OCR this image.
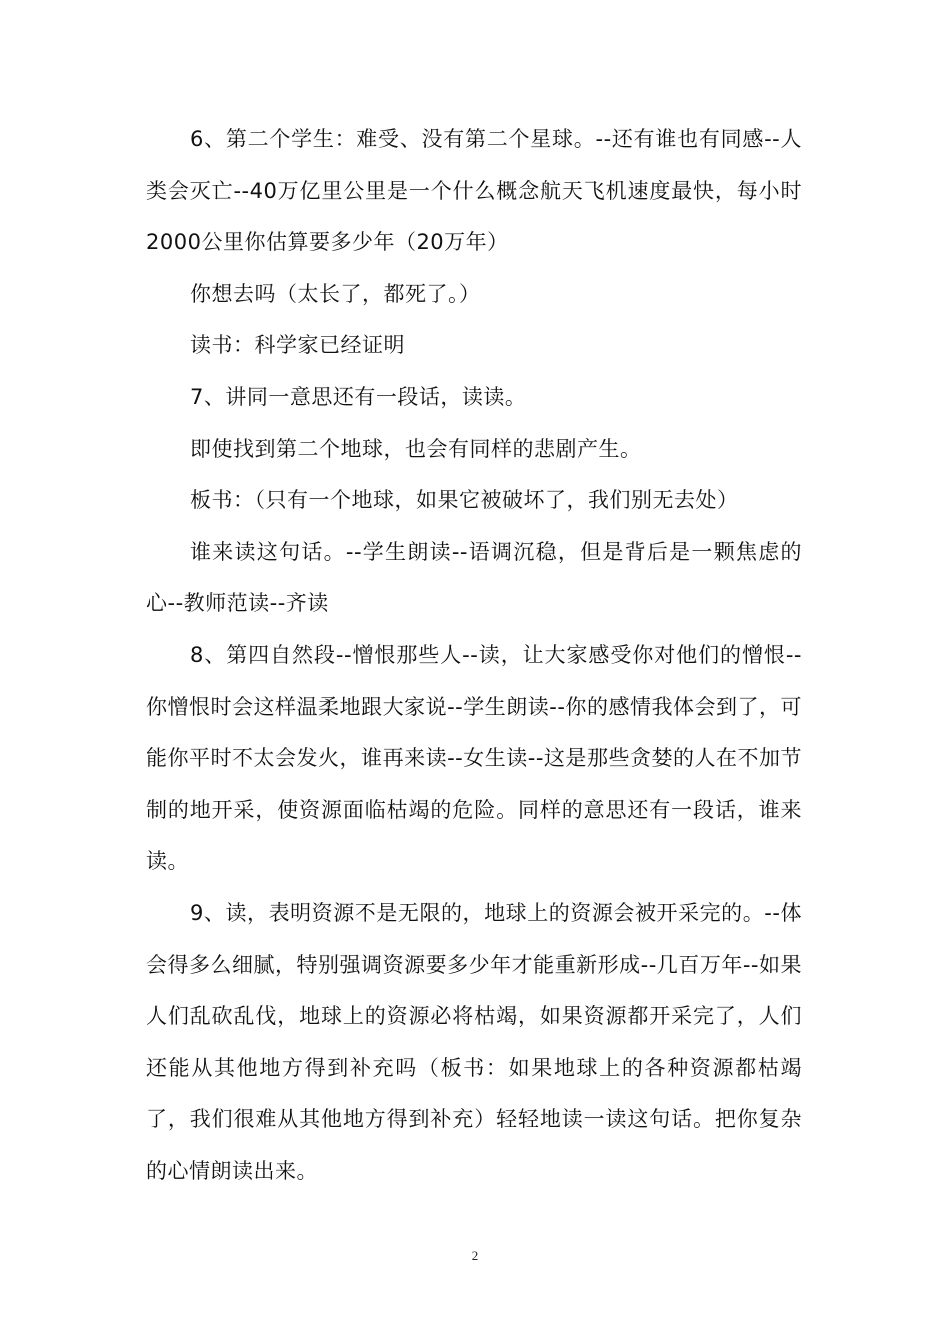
6、第二个学生：难受、没有第二个星球。--还有谁也有同感--人类会灭亡--40万亿里公里是一个什么概念航天飞机速度最快，每小时2000公里你估算要多少年（20万年）

你想去吗（太长了，都死了。）

读书：科学家已经证明

7、讲同一意思还有一段话，读读。

即使找到第二个地球，也会有同样的悲剧产生。

板书：（只有一个地球，如果它被破坏了，我们别无去处）

谁来读这句话。--学生朗读--语调沉稳，但是背后是一颗焦虑的心--教师范读--齐读

8、第四自然段--憎恨那些人--读，让大家感受你对他们的憎恨--你憎恨时会这样温柔地跟大家说--学生朗读--你的感情我体会到了，可能你平时不太会发火，谁再来读--女生读--这是那些贪婪的人在不加节制的地开采，使资源面临枯竭的危险。同样的意思还有一段话，谁来读。

9、读，表明资源不是无限的，地球上的资源会被开采完的。--体会得多么细腻，特别强调资源要多少年才能重新形成--几百万年--如果人们乱砍乱伐，地球上的资源必将枯竭，如果资源都开采完了，人们还能从其他地方得到补充吗（板书：如果地球上的各种资源都枯竭了，我们很难从其他地方得到补充）轻轻地读一读这句话。把你复杂的心情朗读出来。

2
